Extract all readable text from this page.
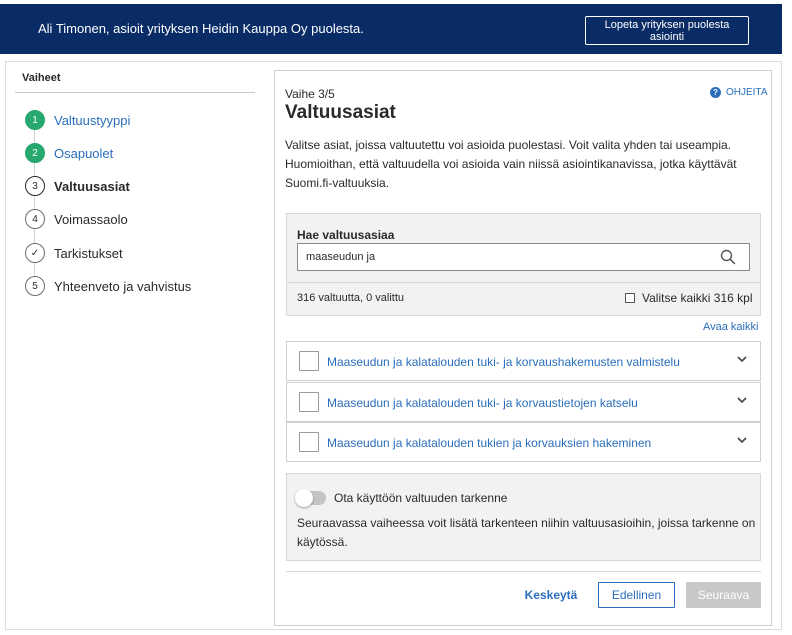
Ali Timonen, asioit yrityksen Heidin Kauppa Oy puolesta.	Lopeta yrityksen puolesta asiointi
Vaiheet
1	Valtuustyyppi
2	Osapuolet
3	Valtuusasiat
4	Voimassaolo
✓	Tarkistukset
5	Yhteenveto ja vahvistus
Vaihe 3/5	? OHJEITA
Valtuusasiat
Valitse asiat, joissa valtuutettu voi asioida puolestasi. Voit valita yhden tai useampia. Huomioithan, että valtuudella voi asioida vain niissä asiointikanavissa, jotka käyttävät Suomi.fi-valtuuksia.
Hae valtuusasiaa
maaseudun ja
316 valtuutta, 0 valittu	Valitse kaikki 316 kpl
Avaa kaikki
Maaseudun ja kalatalouden tuki- ja korvaushakemusten valmistelu
Maaseudun ja kalatalouden tuki- ja korvaustietojen katselu
Maaseudun ja kalatalouden tukien ja korvauksien hakeminen
Ota käyttöön valtuuden tarkenne
Seuraavassa vaiheessa voit lisätä tarkenteen niihin valtuusasioihin, joissa tarkenne on käytössä.
Keskeytä	Edellinen	Seuraava
